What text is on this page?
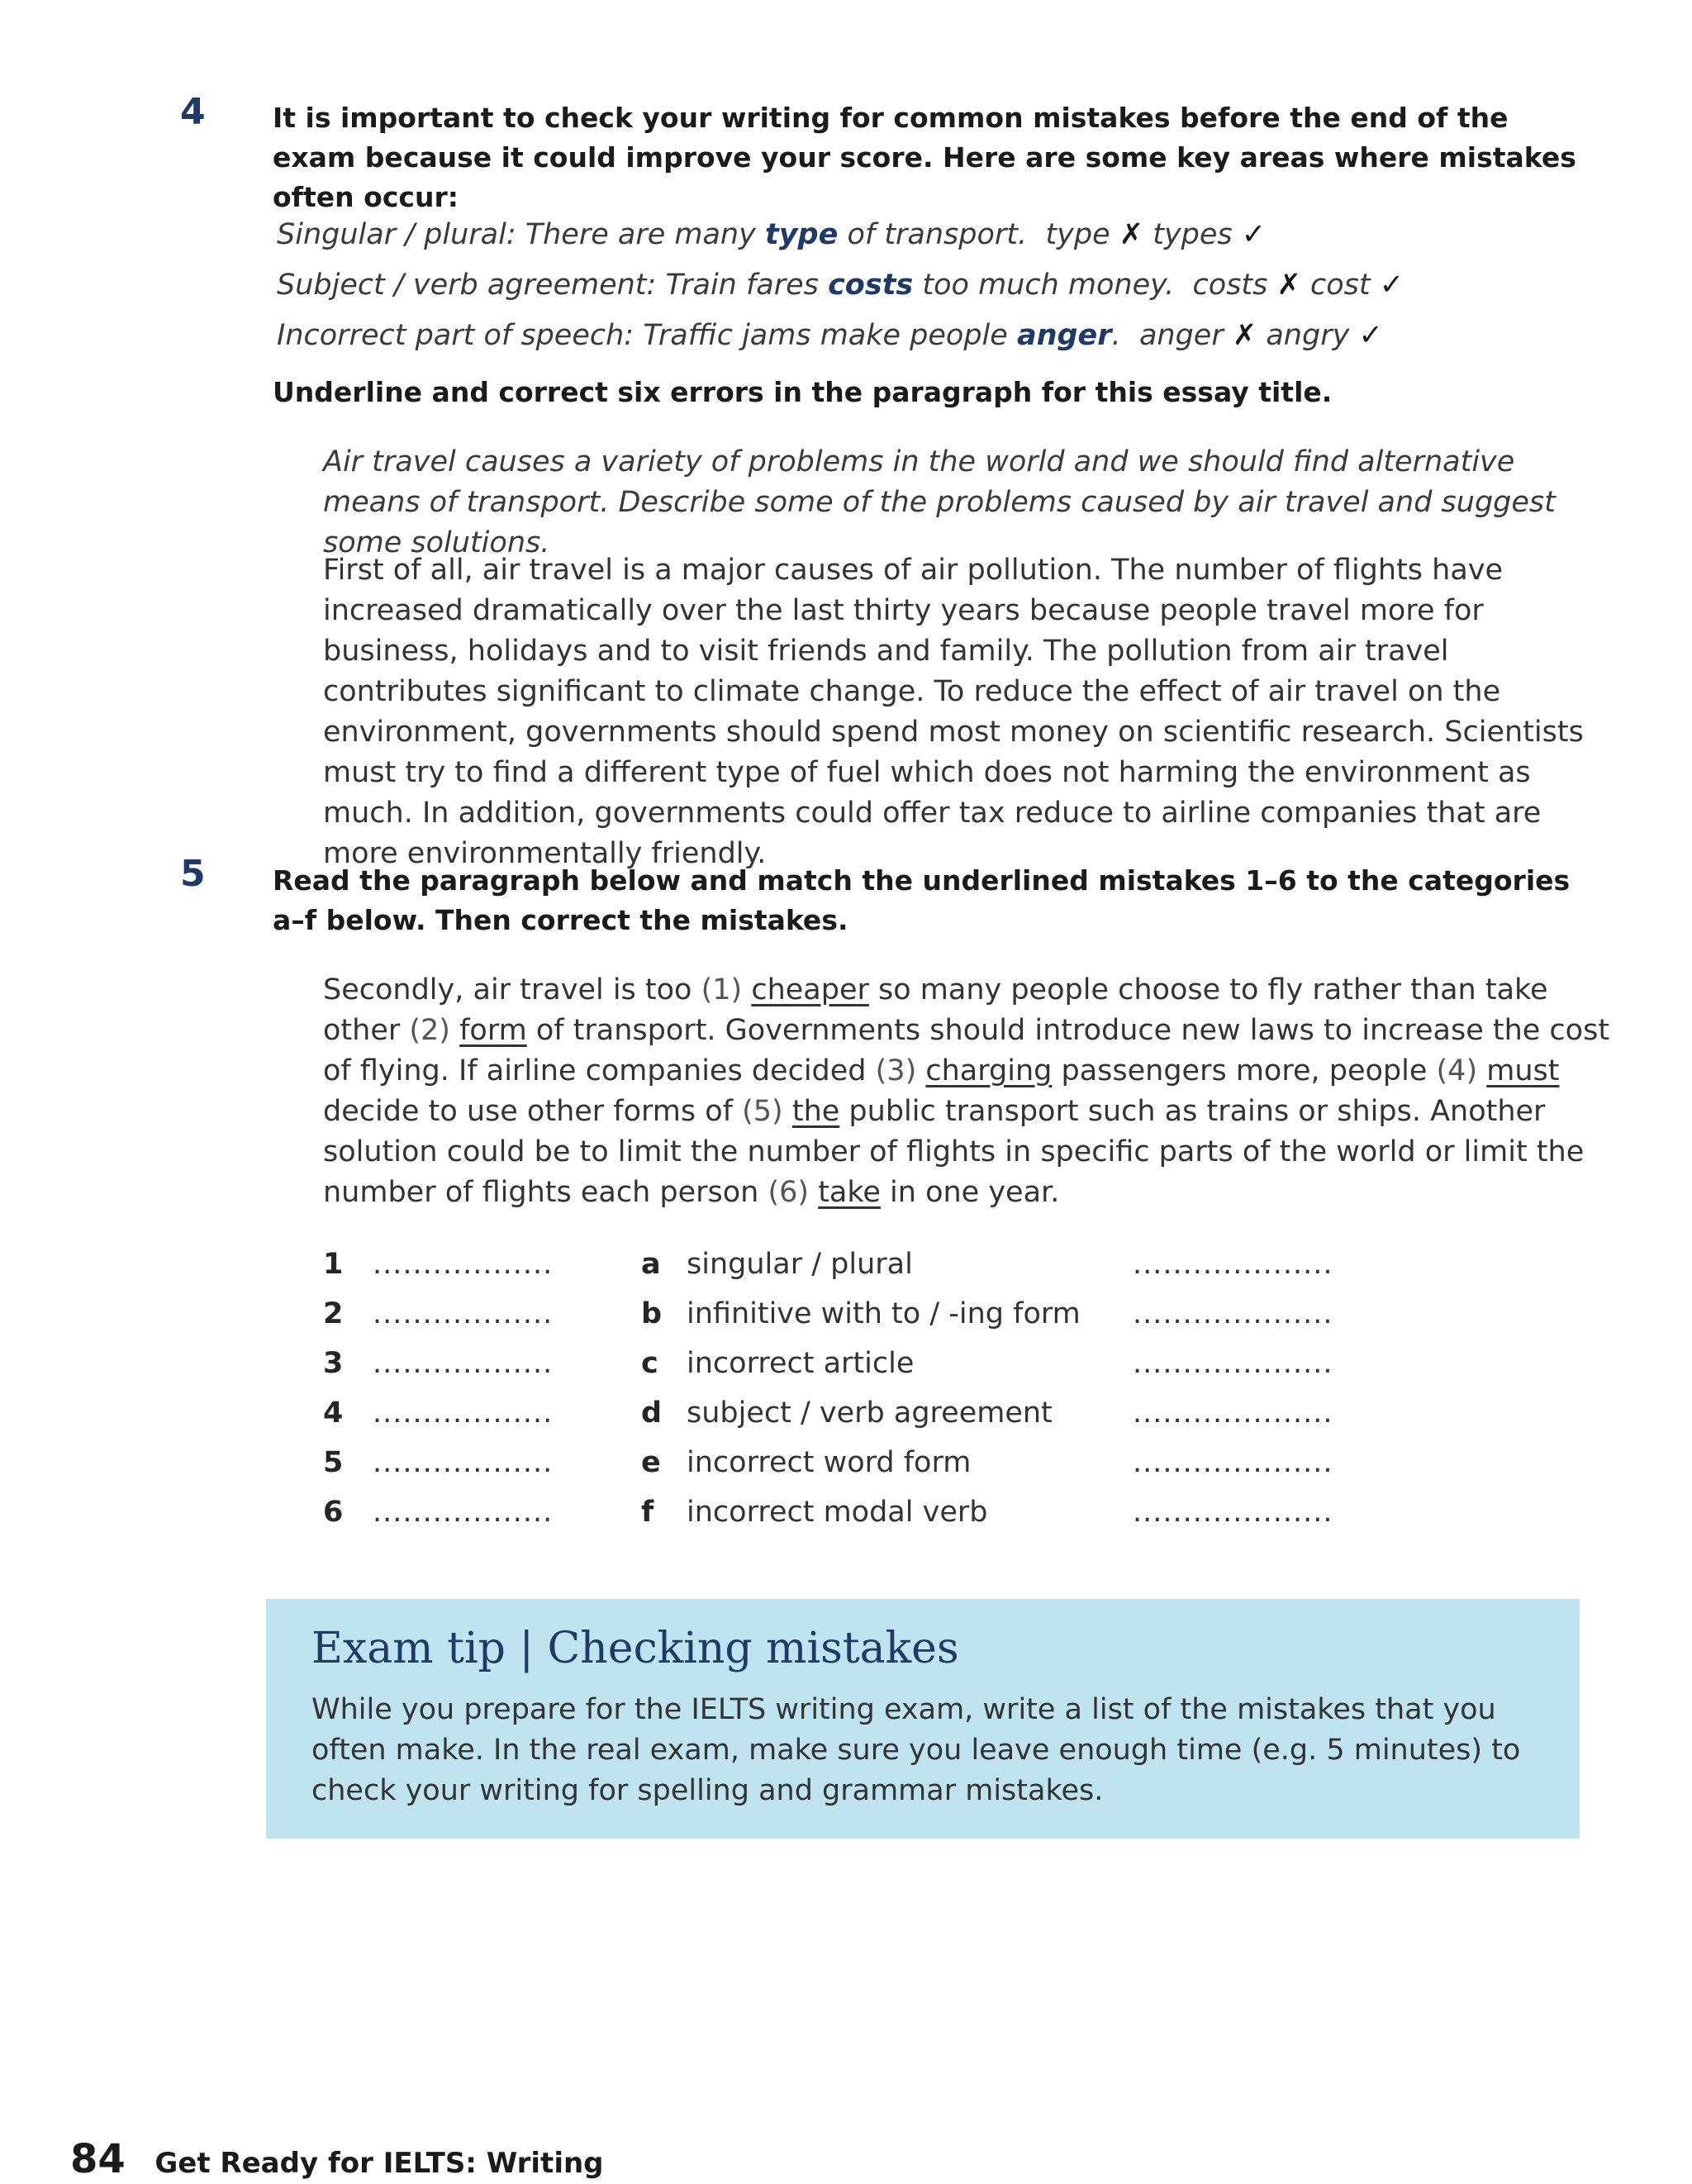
4 It is important to check your writing for common mistakes before the end of the exam because it could improve your score. Here are some key areas where mistakes often occur:
Singular / plural: There are many type of transport. type ✗ types ✓
Subject / verb agreement: Train fares costs too much money. costs ✗ cost ✓
Incorrect part of speech: Traffic jams make people anger. anger ✗ angry ✓
Underline and correct six errors in the paragraph for this essay title.
Air travel causes a variety of problems in the world and we should find alternative means of transport. Describe some of the problems caused by air travel and suggest some solutions.
First of all, air travel is a major causes of air pollution. The number of flights have increased dramatically over the last thirty years because people travel more for business, holidays and to visit friends and family. The pollution from air travel contributes significant to climate change. To reduce the effect of air travel on the environment, governments should spend most money on scientific research. Scientists must try to find a different type of fuel which does not harming the environment as much. In addition, governments could offer tax reduce to airline companies that are more environmentally friendly.
5 Read the paragraph below and match the underlined mistakes 1–6 to the categories a–f below. Then correct the mistakes.
Secondly, air travel is too (1) cheaper so many people choose to fly rather than take other (2) form of transport. Governments should introduce new laws to increase the cost of flying. If airline companies decided (3) charging passengers more, people (4) must decide to use other forms of (5) the public transport such as trains or ships. Another solution could be to limit the number of flights in specific parts of the world or limit the number of flights each person (6) take in one year.
1 ..................	a singular / plural	....................
2 ..................	b infinitive with to / -ing form ....................
3 ..................	c incorrect article	....................
4 ..................	d subject / verb agreement	....................
5 ..................	e incorrect word form	....................
6 ..................	f incorrect modal verb	....................
Exam tip | Checking mistakes
While you prepare for the IELTS writing exam, write a list of the mistakes that you often make. In the real exam, make sure you leave enough time (e.g. 5 minutes) to check your writing for spelling and grammar mistakes.
84 Get Ready for IELTS: Writing
